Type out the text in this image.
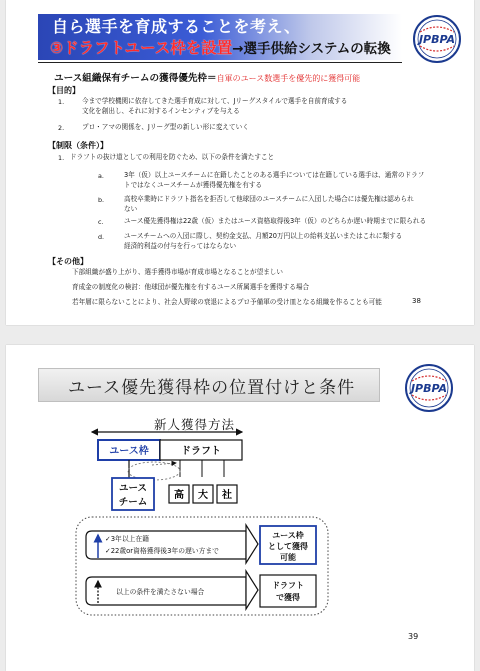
自ら選手を育成することを考え、
③ドラフトユース枠を設置→選手供給システムの転換
JPBPA
ユース組織保有チームの獲得優先枠＝自軍のユース数選手を優先的に獲得可能
【目的】
1.	今まで学校機関に依存してきた選手育成に対して、Jリーグスタイルで選手を自前育成する
文化を創出し、それに対するインセンティブを与える
2.	プロ・アマの関係を、Jリーグ型の新しい形に変えていく
【制限（条件）】
1. ドラフトの抜け道としての利用を防ぐため、以下の条件を満たすこと
a.	3年（仮）以上ユースチームに在籍したことのある選手については在籍している選手は、通常のドラフ
トではなくユースチームが獲得優先権を有する
b.	高校卒業時にドラフト指名を拒否して他球団のユースチームに入団した場合には優先権は認められ
ない
c.	ユース優先獲得権は22歳（仮）またはユース資格取得後3年（仮）のどちらか遅い時期までに限られる
d.	ユースチームへの入団に際し、契約金支払、月額20万円以上の給料支払いまたはこれに類する
経済的利益の付与を行ってはならない
【その他】
下部組織が盛り上がり、選手獲得市場が育成市場となることが望ましい
育成金の制度化の検討：他球団が優先権を有するユース所属選手を獲得する場合
若年層に限らないことにより、社会人野球の衰退によるプロ予備軍の受け皿となる組織を作ることも可能	38
ユース優先獲得枠の位置付けと条件	JPBPA
新人獲得方法
ユース枠	ドラフト
ユース
チーム
高 大 社
✓3年以上在籍
✓22歳or資格獲得後3年の遅い方まで
ユース枠
として獲得
可能
以上の条件を満たさない場合
ドラフト
で獲得
39
